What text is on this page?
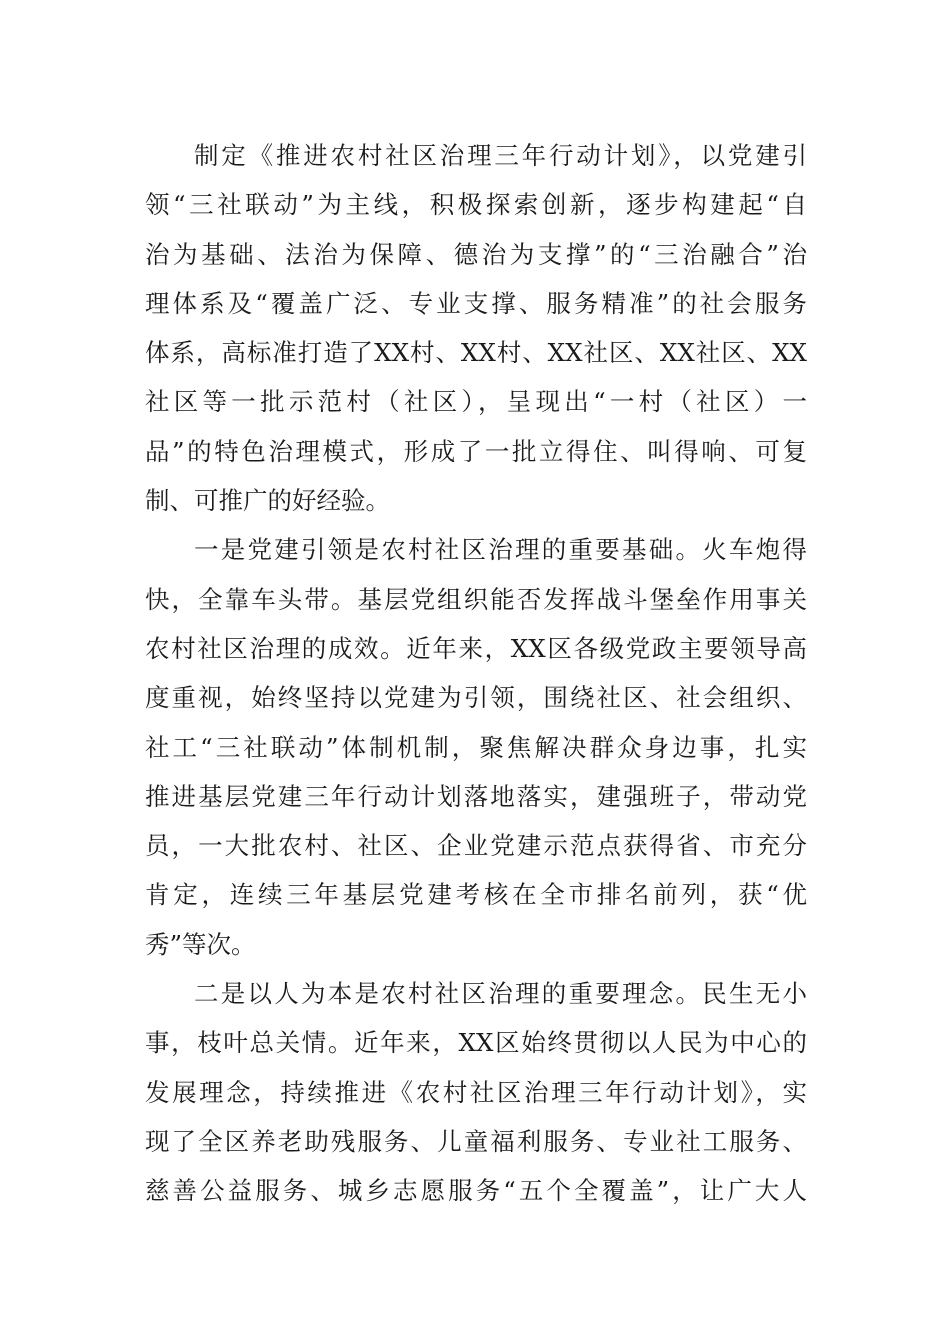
制定《推进农村社区治理三年行动计划》，以党建引
领“三社联动”为主线，积极探索创新，逐步构建起“自
治为基础、法治为保障、德治为支撑”的“三治融合”治
理体系及“覆盖广泛、专业支撑、服务精准”的社会服务
体系，高标准打造了XX村、XX村、XX社区、XX社区、XX
社区等一批示范村（社区），呈现出“一村（社区）一
品”的特色治理模式，形成了一批立得住、叫得响、可复
制、可推广的好经验。
一是党建引领是农村社区治理的重要基础。火车炮得
快，全靠车头带。基层党组织能否发挥战斗堡垒作用事关
农村社区治理的成效。近年来，XX区各级党政主要领导高
度重视，始终坚持以党建为引领，围绕社区、社会组织、
社工“三社联动”体制机制，聚焦解决群众身边事，扎实
推进基层党建三年行动计划落地落实，建强班子，带动党
员，一大批农村、社区、企业党建示范点获得省、市充分
肯定，连续三年基层党建考核在全市排名前列，获“优
秀”等次。
二是以人为本是农村社区治理的重要理念。民生无小
事，枝叶总关情。近年来，XX区始终贯彻以人民为中心的
发展理念，持续推进《农村社区治理三年行动计划》，实
现了全区养老助残服务、儿童福利服务、专业社工服务、
慈善公益服务、城乡志愿服务“五个全覆盖”，让广大人
